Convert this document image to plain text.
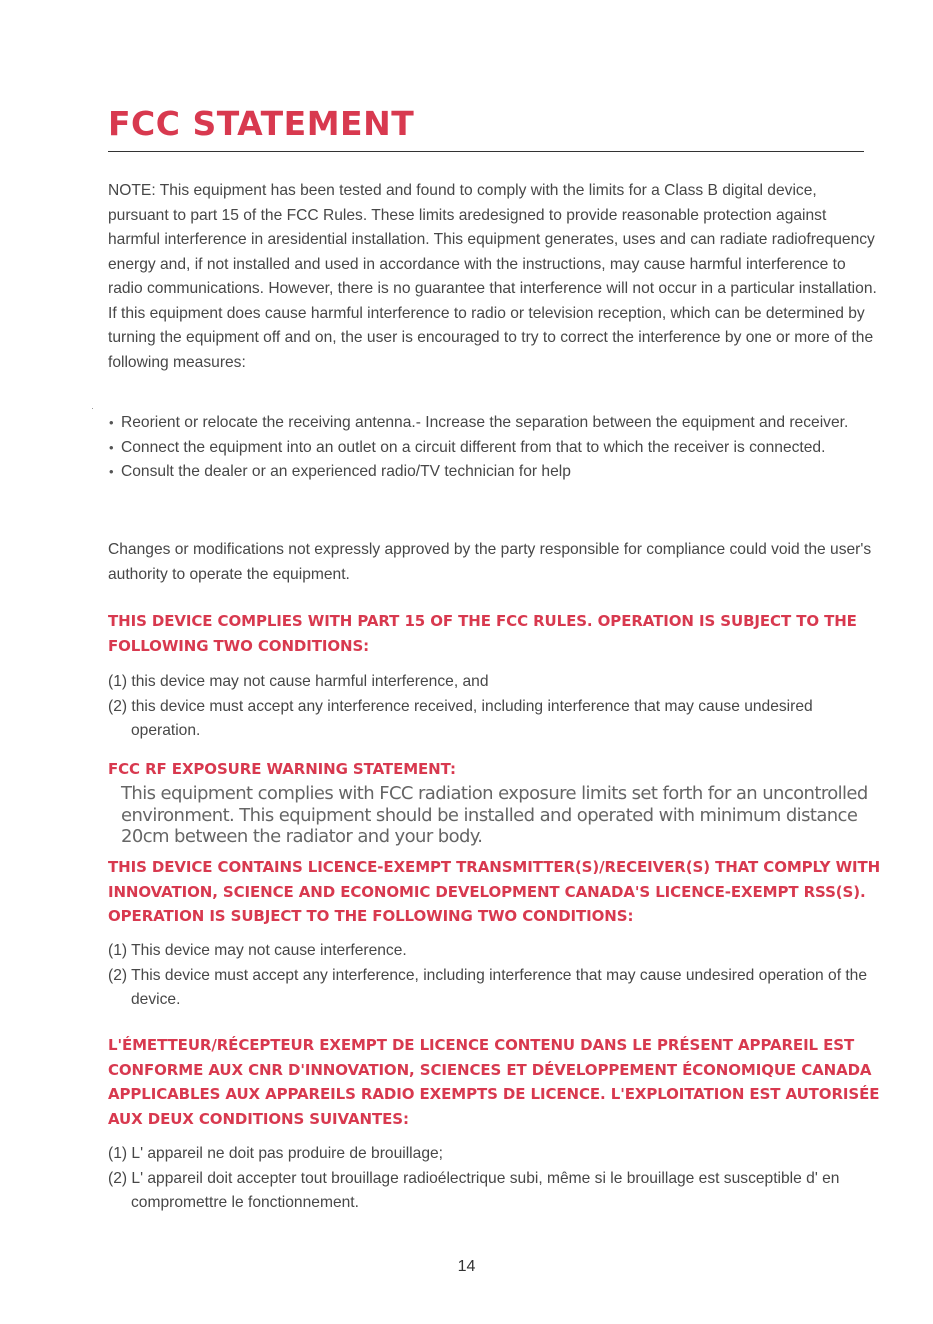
FCC STATEMENT

NOTE: This equipment has been tested and found to comply with the limits for a Class B digital device, pursuant to part 15 of the FCC Rules. These limits aredesigned to provide reasonable protection against harmful interference in aresidential installation. This equipment generates, uses and can radiate radiofrequency energy and, if not installed and used in accordance with the instructions, may cause harmful interference to radio communications. However, there is no guarantee that interference will not occur in a particular installation. If this equipment does cause harmful interference to radio or television reception, which can be determined by turning the equipment off and on, the user is encouraged to try to correct the interference by one or more of the following measures:

• Reorient or relocate the receiving antenna.- Increase the separation between the equipment and receiver.
• Connect the equipment into an outlet on a circuit different from that to which the receiver is connected.
• Consult the dealer or an experienced radio/TV technician for help

Changes or modifications not expressly approved by the party responsible for compliance could void the user's authority to operate the equipment.

THIS DEVICE COMPLIES WITH PART 15 OF THE FCC RULES. OPERATION IS SUBJECT TO THE FOLLOWING TWO CONDITIONS:

(1) this device may not cause harmful interference, and
(2) this device must accept any interference received, including interference that may cause undesired operation.

FCC RF EXPOSURE WARNING STATEMENT:

This equipment complies with FCC radiation exposure limits set forth for an uncontrolled environment. This equipment should be installed and operated with minimum distance 20cm between the radiator and your body.

THIS DEVICE CONTAINS LICENCE-EXEMPT TRANSMITTER(S)/RECEIVER(S) THAT COMPLY WITH INNOVATION, SCIENCE AND ECONOMIC DEVELOPMENT CANADA'S LICENCE-EXEMPT RSS(S). OPERATION IS SUBJECT TO THE FOLLOWING TWO CONDITIONS:

(1) This device may not cause interference.
(2) This device must accept any interference, including interference that may cause undesired operation of the device.

L'ÉMETTEUR/RÉCEPTEUR EXEMPT DE LICENCE CONTENU DANS LE PRÉSENT APPAREIL EST CONFORME AUX CNR D'INNOVATION, SCIENCES ET DÉVELOPPEMENT ÉCONOMIQUE CANADA APPLICABLES AUX APPAREILS RADIO EXEMPTS DE LICENCE. L'EXPLOITATION EST AUTORISÉE AUX DEUX CONDITIONS SUIVANTES:

(1) L' appareil ne doit pas produire de brouillage;
(2) L' appareil doit accepter tout brouillage radioélectrique subi, même si le brouillage est susceptible d' en compromettre le fonctionnement.
14
